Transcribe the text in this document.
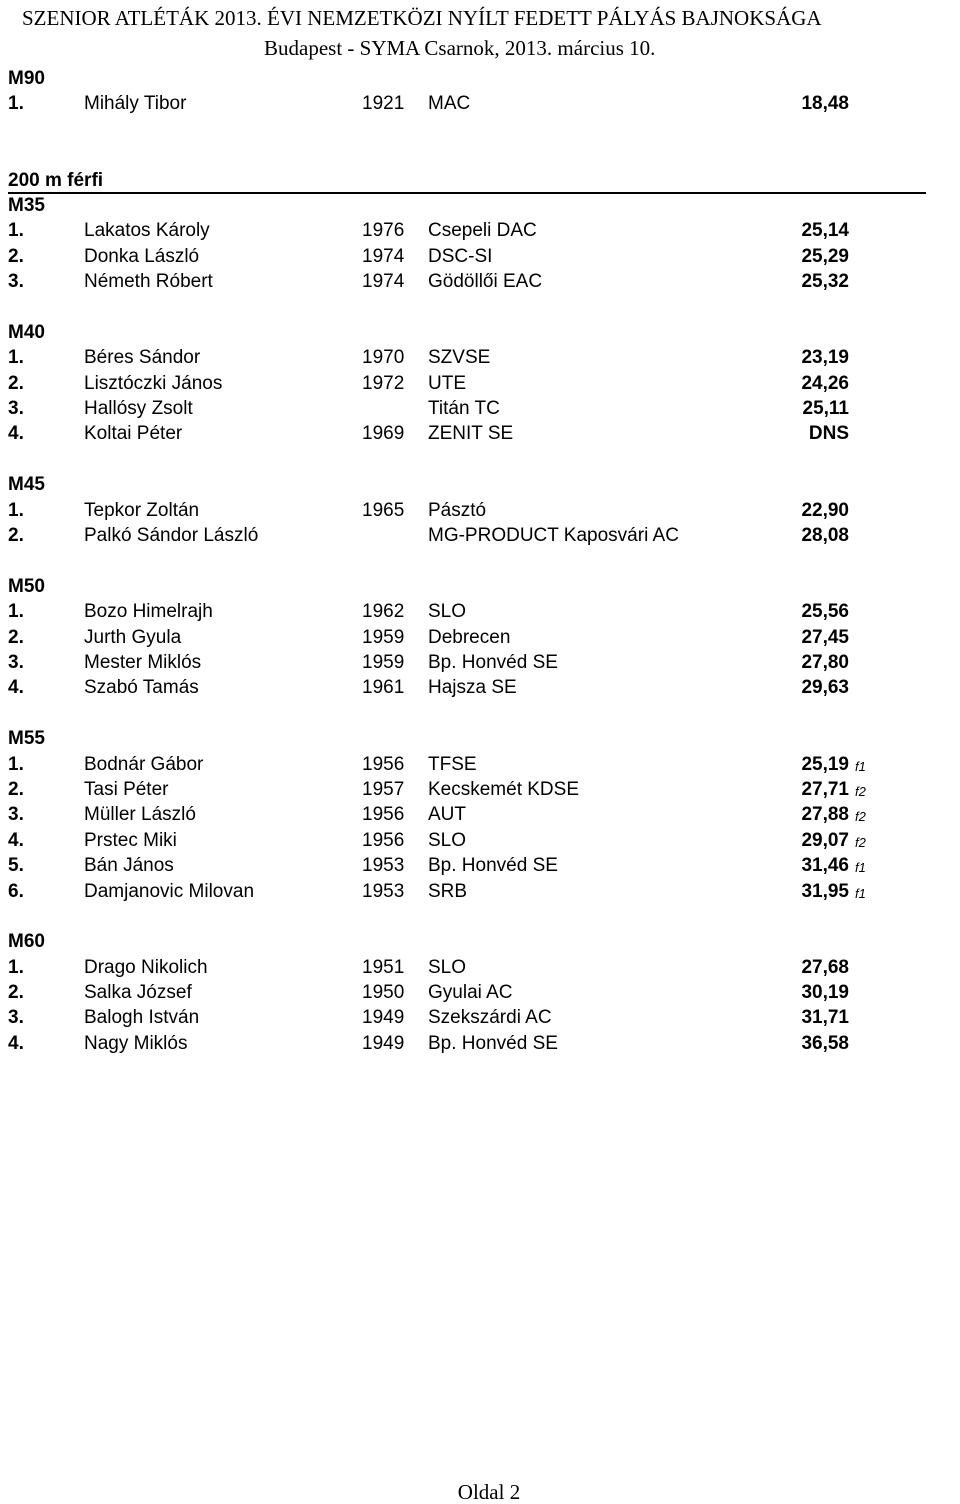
SZENIOR ATLÉTÁK 2013. ÉVI NEMZETKÖZI NYÍLT FEDETT PÁLYÁS BAJNOKSÁGA
Budapest - SYMA Csarnok, 2013. március 10.
M90
1.	Mihály Tibor	1921 MAC	18,48
200 m férfi
M35
1.	Lakatos Károly	1976 Csepeli DAC	25,14
2.	Donka László	1974 DSC-SI	25,29
3.	Németh Róbert	1974 Gödöllői EAC	25,32
M40
1.	Béres Sándor	1970 SZVSE	23,19
2.	Lisztóczki János	1972 UTE	24,26
3.	Hallósy Zsolt	Titán TC	25,11
4.	Koltai Péter	1969 ZENIT SE	DNS
M45
1.	Tepkor Zoltán	1965 Pásztó	22,90
2.	Palkó Sándor László	MG-PRODUCT Kaposvári AC	28,08
M50
1.	Bozo Himelrajh	1962 SLO	25,56
2.	Jurth Gyula	1959 Debrecen	27,45
3.	Mester Miklós	1959 Bp. Honvéd SE	27,80
4.	Szabó Tamás	1961 Hajsza SE	29,63
M55
1.	Bodnár Gábor	1956 TFSE	25,19 f1
2.	Tasi Péter	1957 Kecskemét KDSE	27,71 f2
3.	Müller László	1956 AUT	27,88 f2
4.	Prstec Miki	1956 SLO	29,07 f2
5.	Bán János	1953 Bp. Honvéd SE	31,46 f1
6.	Damjanovic Milovan	1953 SRB	31,95 f1
M60
1.	Drago Nikolich	1951 SLO	27,68
2.	Salka József	1950 Gyulai AC	30,19
3.	Balogh István	1949 Szekszárdi AC	31,71
4.	Nagy Miklós	1949 Bp. Honvéd SE	36,58
Oldal 2
